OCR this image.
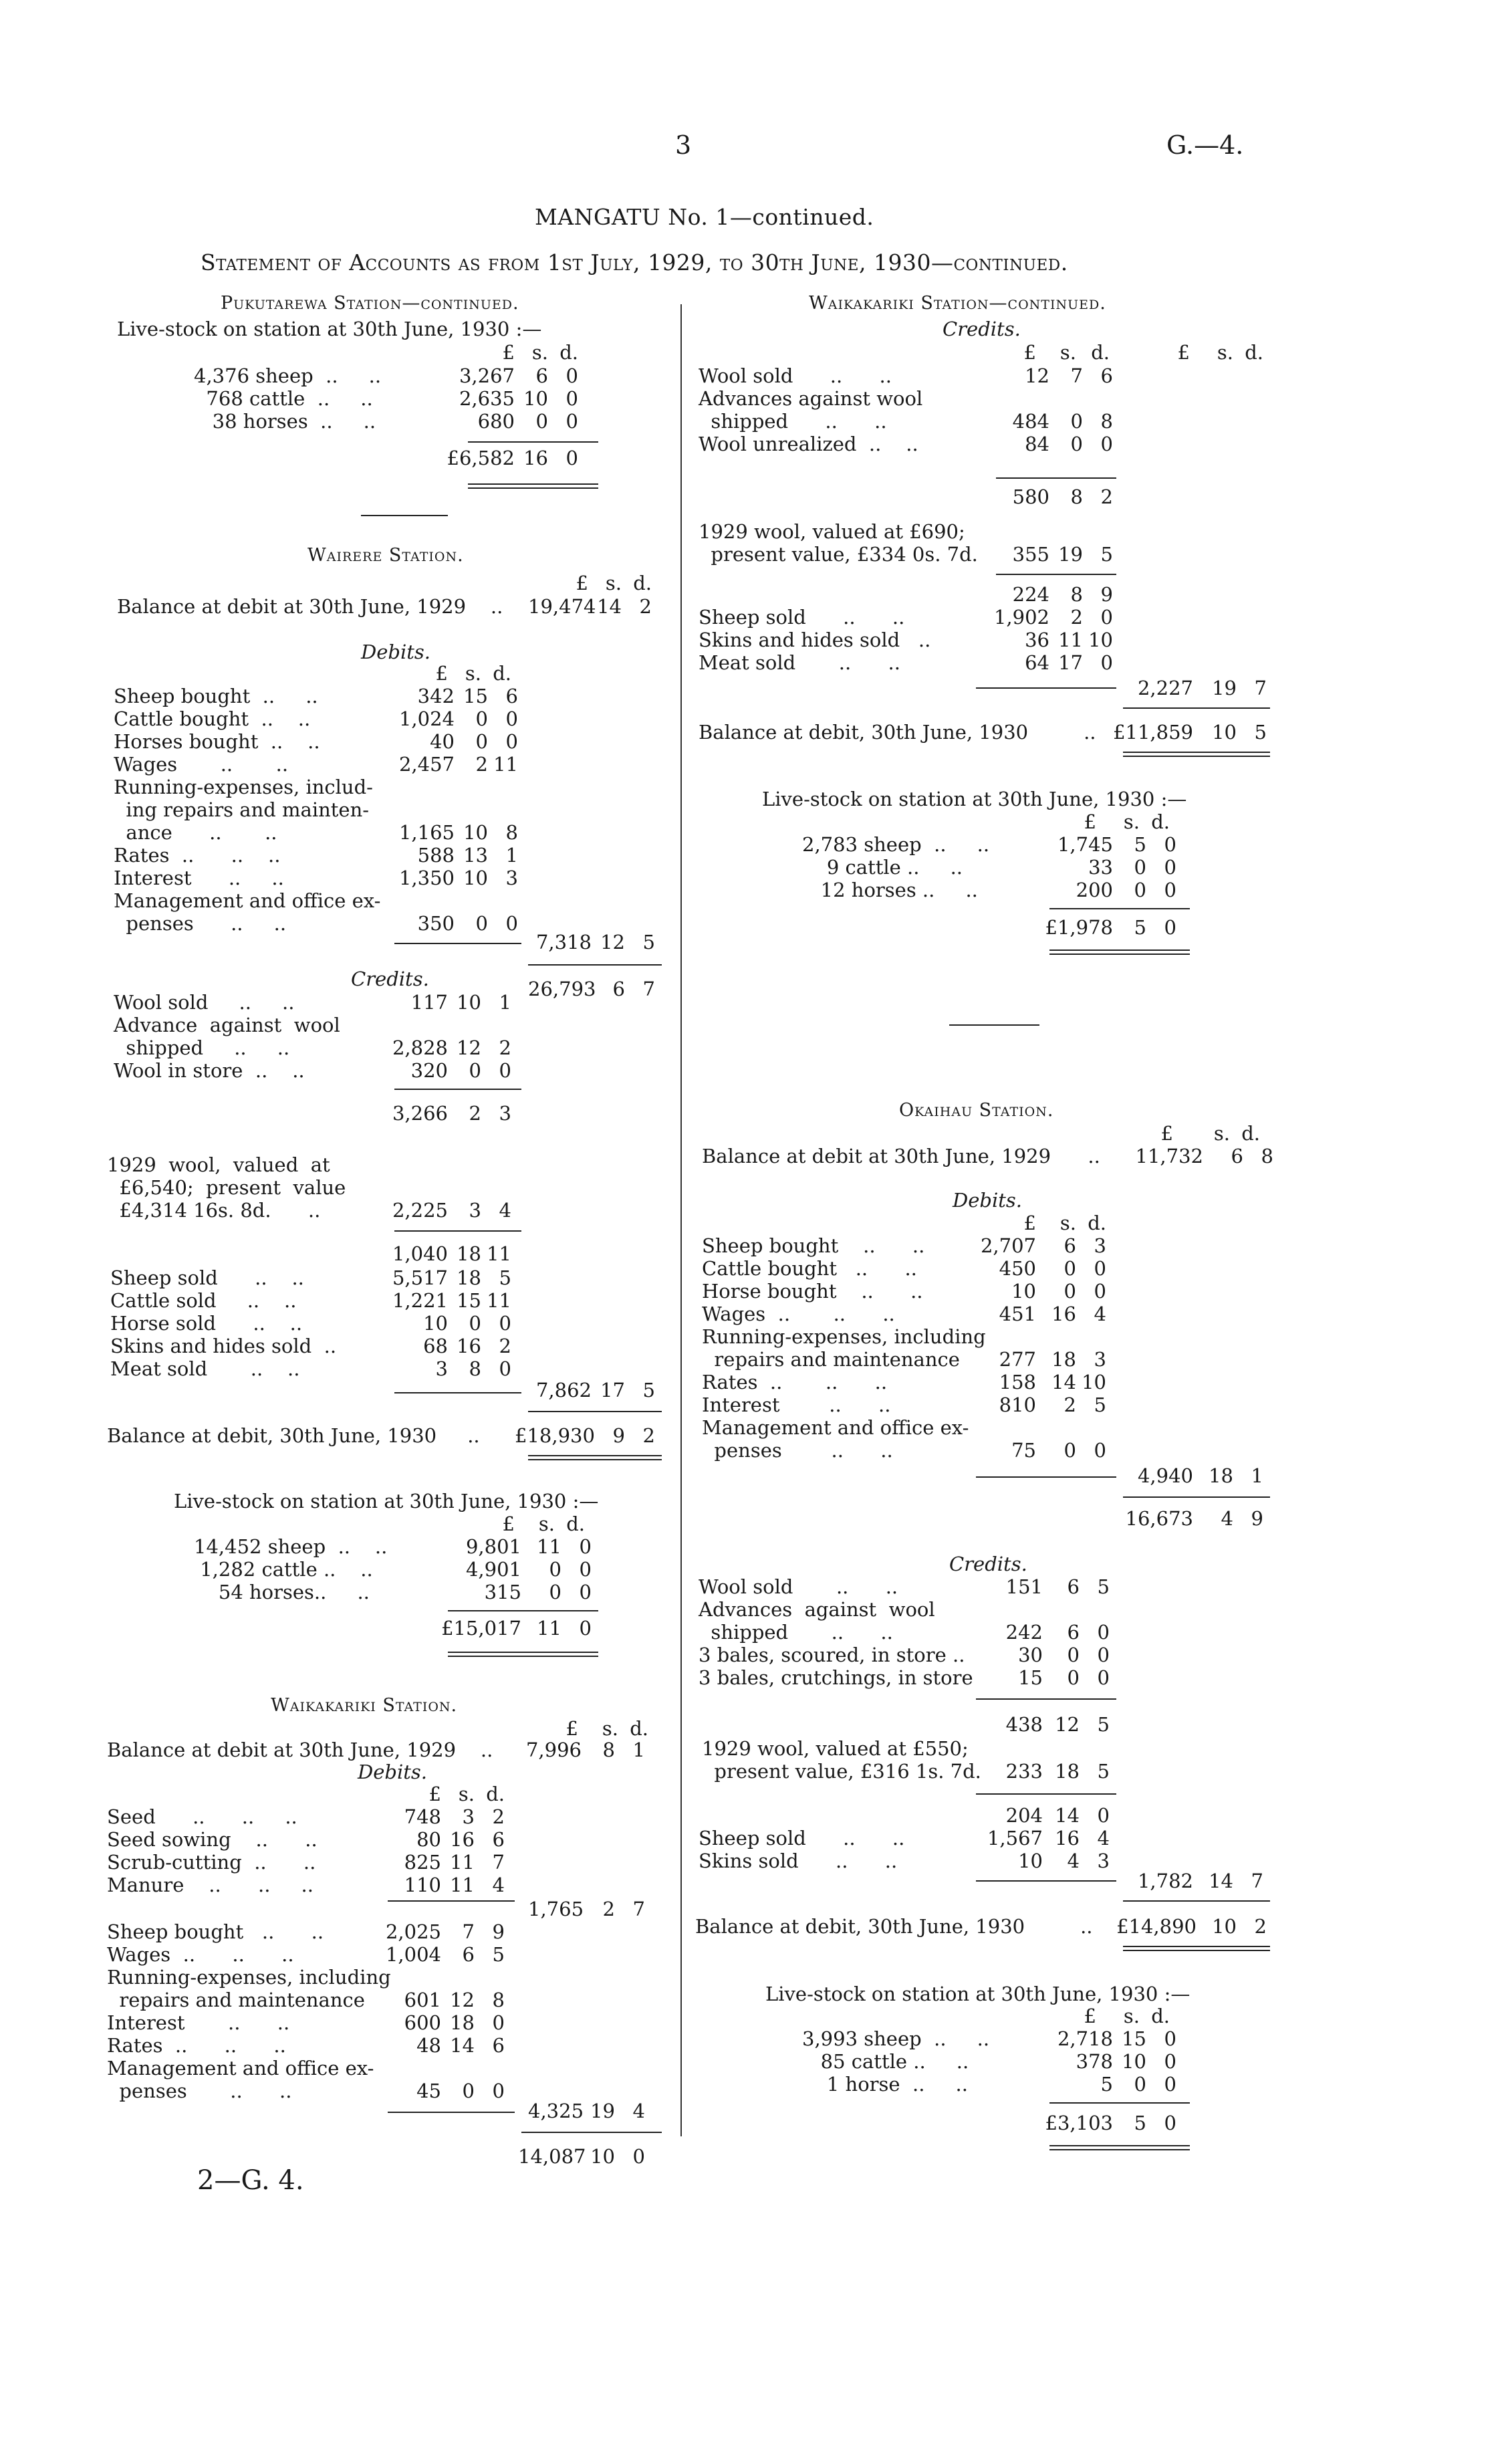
3	G.—4.
MANGATU No. 1—continued.
Statement of Accounts as from 1st July, 1929, to 30th June, 1930—continued.
Pukutarewa Station—continued.
Live-stock on station at 30th June, 1930 :—
£ s. d.
4,376 sheep  ..     ..	3,267	6 0
768 cattle  ..     ..	2,635 10 0
38 horses  ..     ..	680	0 0
£6,582 16 0
Wairere Station.
£ s. d.
Balance at debit at 30th June, 1929    .. 19,474 14 2
Debits.
£ s. d.
Sheep bought  ..     ..	342 15 6
Cattle bought  ..    ..	1,024	0 0
Horses bought  ..    ..	40	0 0
Wages       ..       ..	2,457	2 11
Running-expenses, includ-
ing repairs and mainten-
ance      ..       ..	1,165 10 8
Rates  ..      ..    ..	588 13 1
Interest      ..     ..	1,350 10 3
Management and office ex-
penses      ..     ..	350	0 0
7,318 12 5
26,793 6 7
Credits.
Wool sold     ..     ..	117 10 1
Advance  against  wool
shipped     ..     ..	2,828 12 2
Wool in store  ..    ..	320	0 0
3,266	2 3
1929  wool,  valued  at
£6,540;  present  value
£4,314 16s. 8d.      ..	2,225	3 4
1,040 18 11
Sheep sold      ..    ..	5,517 18 5
Cattle sold     ..    ..	1,221 15 11
Horse sold      ..    ..	10	0 0
Skins and hides sold  ..	68 16 2
Meat sold       ..    ..	3	8 0
7,862 17 5
Balance at debit, 30th June, 1930     .. £18,930 9 2
Live-stock on station at 30th June, 1930 :—
£	s. d.
14,452 sheep  ..    ..	9,801 11 0
1,282 cattle ..    ..	4,901	0 0
54 horses..     ..	315	0 0
£15,017 11 0
Waikakariki Station.
£	s. d.
Balance at debit at 30th June, 1929    .. 7,996	8 1
Debits.
£ s. d.
Seed      ..      ..     ..	748	3 2
Seed sowing    ..      ..	80 16 6
Scrub-cutting  ..      ..	825 11 7
Manure    ..      ..     ..	110 11 4
1,765 2 7
Sheep bought   ..      ..	2,025	7 9
Wages  ..      ..      ..	1,004	6 5
Running-expenses, including
repairs and maintenance	601 12 8
Interest       ..      ..	600 18 0
Rates  ..      ..      ..	48 14 6
Management and office ex-
penses       ..      ..	45	0 0
4,325 19 4
14,087 10 0
2—G. 4.
Waikakariki Station—continued.
Credits.
£	s. d.	£	s. d.
Wool sold      ..      ..	12	7 6
Advances against wool
shipped      ..      ..	484	0 8
Wool unrealized  ..    ..	84	0 0
580	8 2
1929 wool, valued at £690;
present value, £334 0s. 7d.	355 19 5
224	8 9
Sheep sold      ..      ..	1,902	2 0
Skins and hides sold   ..	36 11 10
Meat sold       ..      ..	64 17 0
2,227 19 7
Balance at debit, 30th June, 1930         .. £11,859 10 5
Live-stock on station at 30th June, 1930 :—
£	s. d.
2,783 sheep  ..     ..	1,745	5 0
9 cattle ..     ..	33	0 0
12 horses ..     ..	200	0 0
£1,978	5 0
Okaihau Station.
£	s. d.
Balance at debit at 30th June, 1929      .. 11,732	6 8
Debits.
£	s. d.
Sheep bought    ..      ..	2,707	6 3
Cattle bought   ..      ..	450	0 0
Horse bought    ..      ..	10	0 0
Wages  ..       ..      ..	451 16 4
Running-expenses, including
repairs and maintenance	277 18 3
Rates  ..       ..      ..	158 14 10
Interest        ..      ..	810	2 5
Management and office ex-
penses        ..      ..	75	0 0
4,940 18 1
16,673	4 9
Credits.
Wool sold       ..      ..	151	6 5
Advances  against  wool
shipped       ..      ..	242	6 0
3 bales, scoured, in store ..	30	0 0
3 bales, crutchings, in store	15	0 0
438 12 5
1929 wool, valued at £550;
present value, £316 1s. 7d.	233 18 5
204 14 0
Sheep sold      ..      ..	1,567 16 4
Skins sold      ..      ..	10	4 3
1,782 14 7
Balance at debit, 30th June, 1930         ..	£14,890 10 2
Live-stock on station at 30th June, 1930 :—
£	s. d.
3,993 sheep  ..     ..	2,718 15 0
85 cattle ..     ..	378 10 0
1 horse  ..     ..	5	0 0
£3,103	5 0
